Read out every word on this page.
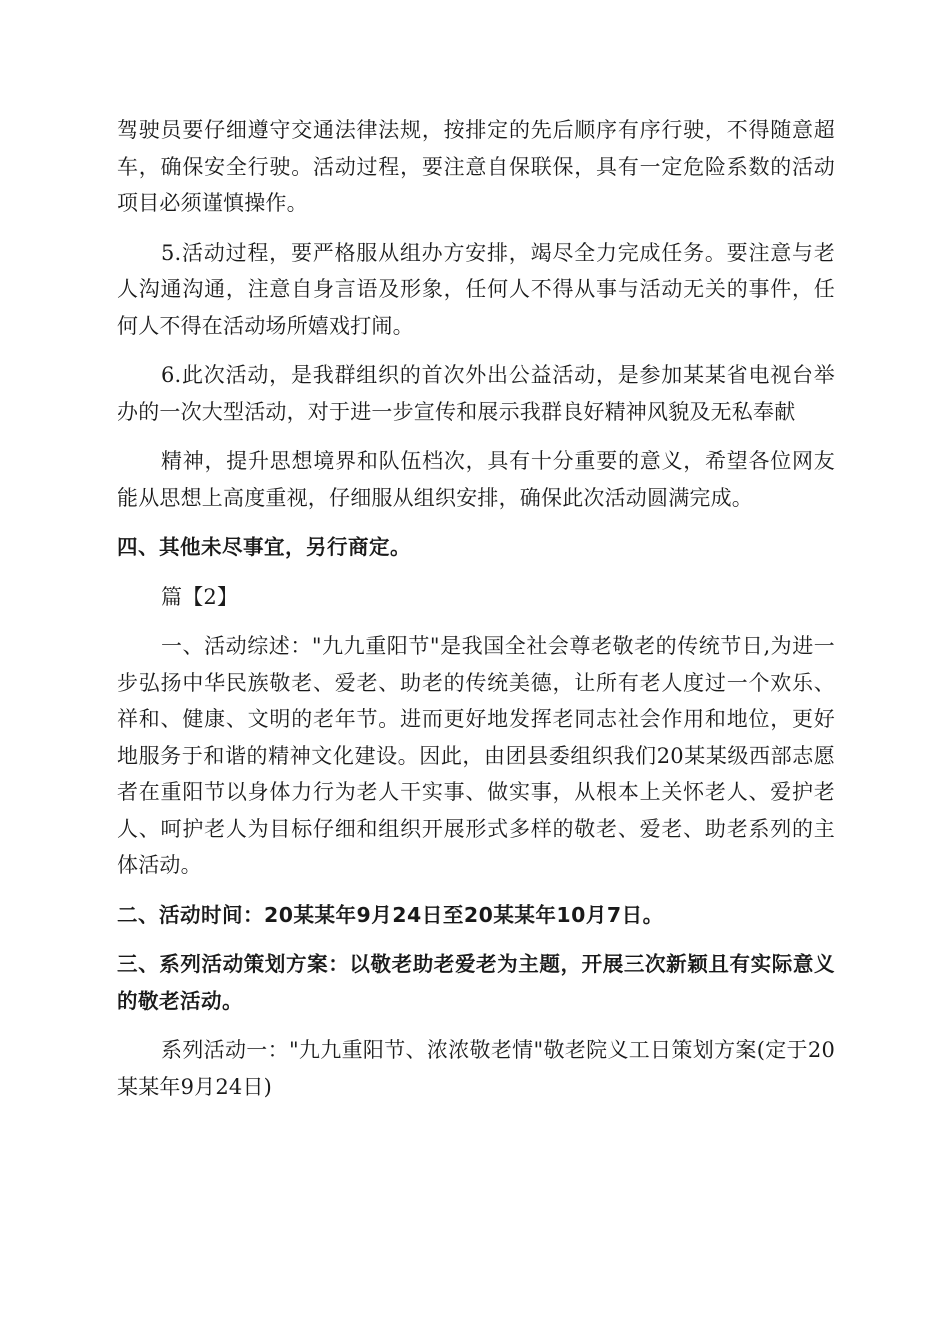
驾驶员要仔细遵守交通法律法规，按排定的先后顺序有序行驶，不得随意超车，确保安全行驶。活动过程，要注意自保联保，具有一定危险系数的活动项目必须谨慎操作。

5.活动过程，要严格服从组办方安排，竭尽全力完成任务。要注意与老人沟通沟通，注意自身言语及形象，任何人不得从事与活动无关的事件，任何人不得在活动场所嬉戏打闹。

6.此次活动，是我群组织的首次外出公益活动，是参加某某省电视台举办的一次大型活动，对于进一步宣传和展示我群良好精神风貌及无私奉献

精神，提升思想境界和队伍档次，具有十分重要的意义，希望各位网友能从思想上高度重视，仔细服从组织安排，确保此次活动圆满完成。

四、其他未尽事宜，另行商定。

篇【2】

一、活动综述："九九重阳节"是我国全社会尊老敬老的传统节日,为进一步弘扬中华民族敬老、爱老、助老的传统美德，让所有老人度过一个欢乐、祥和、健康、文明的老年节。进而更好地发挥老同志社会作用和地位，更好地服务于和谐的精神文化建设。因此，由团县委组织我们20某某级西部志愿者在重阳节以身体力行为老人干实事、做实事，从根本上关怀老人、爱护老人、呵护老人为目标仔细和组织开展形式多样的敬老、爱老、助老系列的主体活动。

二、活动时间：20某某年9月24日至20某某年10月7日。

三、系列活动策划方案：以敬老助老爱老为主题，开展三次新颖且有实际意义的敬老活动。

系列活动一："九九重阳节、浓浓敬老情"敬老院义工日策划方案(定于20某某年9月24日)
